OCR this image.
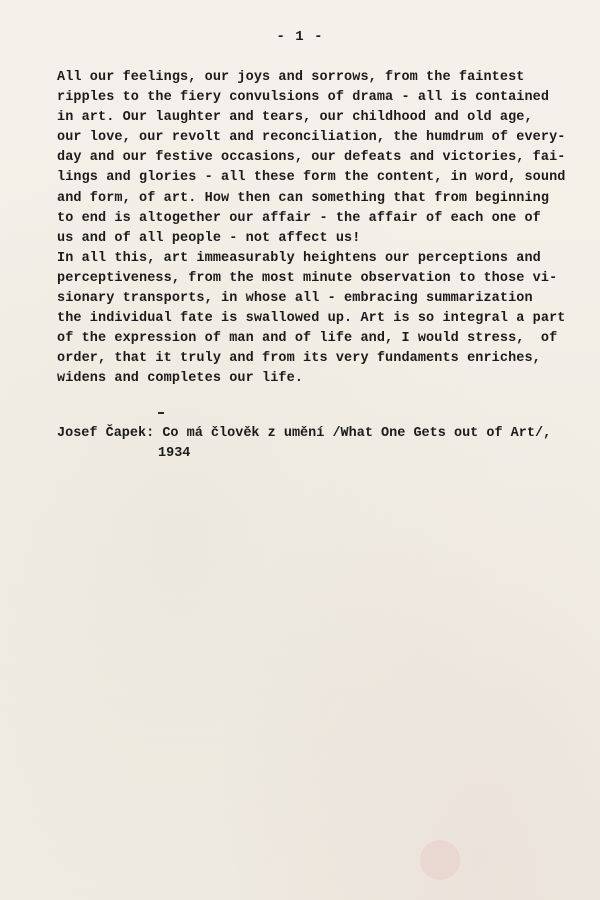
- 1 -
All our feelings, our joys and sorrows, from the faintest
ripples to the fiery convulsions of drama - all is contained
in art. Our laughter and tears, our childhood and old age,
our love, our revolt and reconciliation, the humdrum of every-
day and our festive occasions, our defeats and victories, fai-
lings and glories - all these form the content, in word, sound
and form, of art. How then can something that from beginning
to end is altogether our affair - the affair of each one of
us and of all people - not affect us!
In all this, art immeasurably heightens our perceptions and
perceptiveness, from the most minute observation to those vi-
sionary transports, in whose all - embracing summarization
the individual fate is swallowed up. Art is so integral a part
of the expression of man and of life and, I would stress,  of
order, that it truly and from its very fundaments enriches,
widens and completes our life.
Josef Čapek: Co má člověk z umění /What One Gets out of Art/,
1934
